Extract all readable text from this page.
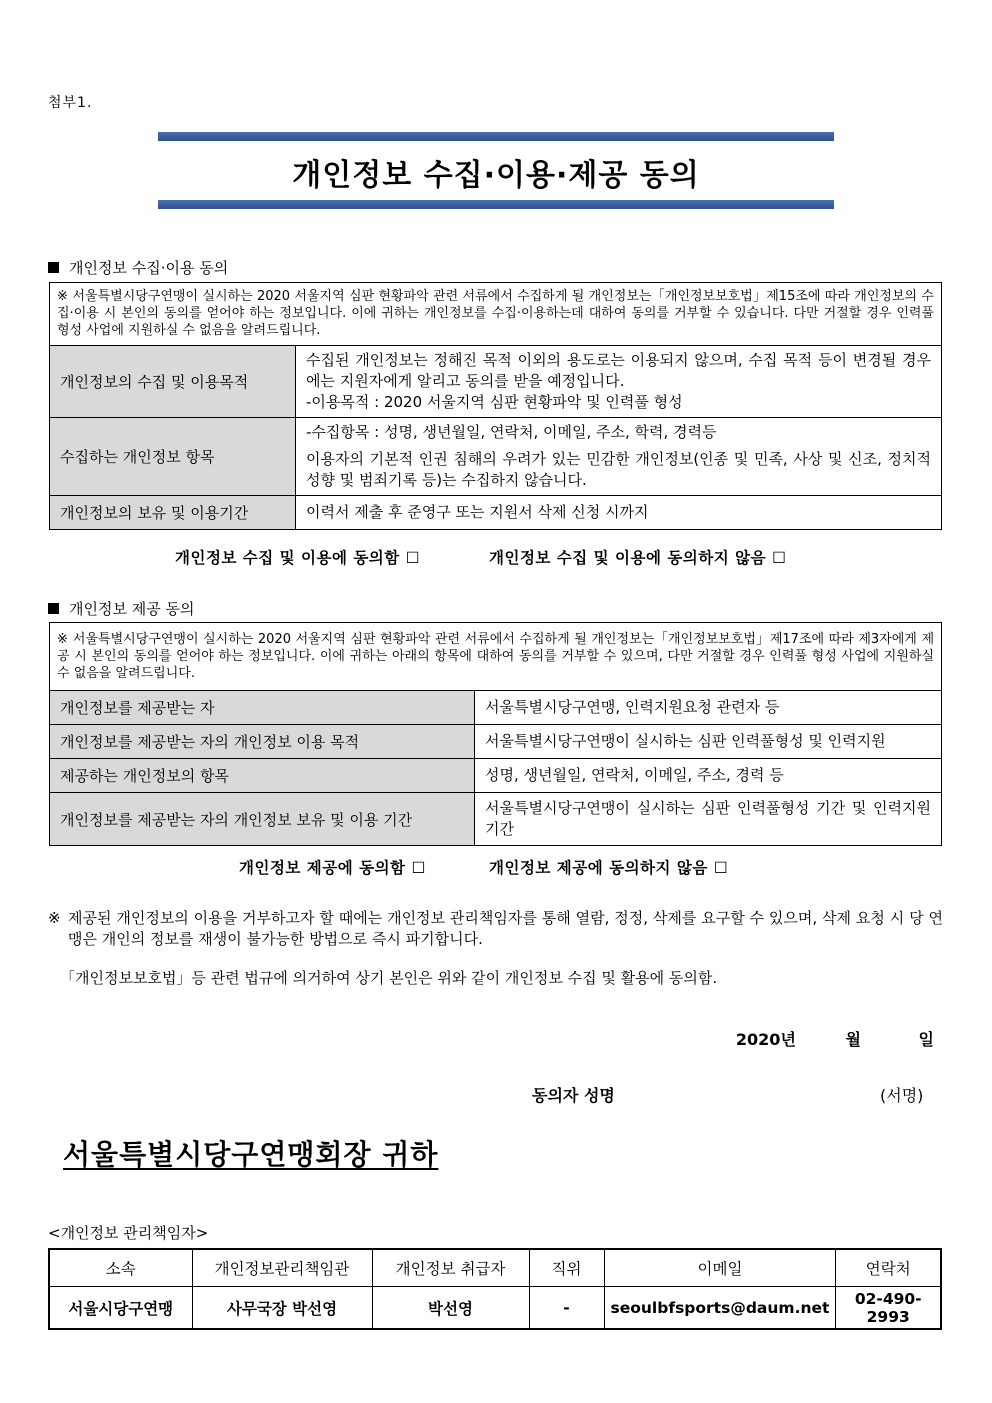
첨부1.
개인정보 수집·이용·제공 동의
개인정보 수집·이용 동의
※ 서울특별시당구연맹이 실시하는 2020 서울지역 심판 현황파악 관련 서류에서 수집하게 될 개인정보는「개인정보보호법」제15조에 따라 개인정보의 수집·이용 시 본인의 동의를 얻어야 하는 정보입니다. 이에 귀하는 개인정보를 수집·이용하는데 대하여 동의를 거부할 수 있습니다. 다만 거절할 경우 인력풀 형성 사업에 지원하실 수 없음을 알려드립니다.	
개인정보의 수집 및 이용목적	수집된 개인정보는 정해진 목적 이외의 용도로는 이용되지 않으며, 수집 목적 등이 변경될 경우에는 지원자에게 알리고 동의를 받을 예정입니다.
-이용목적 : 2020 서울지역 심판 현황파악 및 인력풀 형성

수집하는 개인정보 항목	-수집항목 : 성명, 생년월일, 연락처, 이메일, 주소, 학력, 경력등
이용자의 기본적 인권 침해의 우려가 있는 민감한 개인정보(인종 및 민족, 사상 및 신조, 정치적 성향 및 범죄기록 등)는 수집하지 않습니다.

개인정보의 보유 및 이용기간	이력서 제출 후 준영구 또는 지원서 삭제 신청 시까지
개인정보 수집 및 이용에 동의함 ☐	개인정보 수집 및 이용에 동의하지 않음 ☐
개인정보 제공 동의
※ 서울특별시당구연맹이 실시하는 2020 서울지역 심판 현황파악 관련 서류에서 수집하게 될 개인정보는「개인정보보호법」제17조에 따라 제3자에게 제공 시 본인의 동의를 얻어야 하는 정보입니다. 이에 귀하는 아래의 항목에 대하여 동의를 거부할 수 있으며, 다만 거절할 경우 인력풀 형성 사업에 지원하실 수 없음을 알려드립니다.	
개인정보를 제공받는 자	서울특별시당구연맹, 인력지원요청 관련자 등
개인정보를 제공받는 자의 개인정보 이용 목적	서울특별시당구연맹이 실시하는 심판 인력풀형성 및 인력지원
제공하는 개인정보의 항목	성명, 생년월일, 연락처, 이메일, 주소, 경력 등
개인정보를 제공받는 자의 개인정보 보유 및 이용 기간	서울특별시당구연맹이 실시하는 심판 인력풀형성 기간 및 인력지원 기간
개인정보 제공에 동의함 ☐	개인정보 제공에 동의하지 않음 ☐
※ 제공된 개인정보의 이용을 거부하고자 할 때에는 개인정보 관리책임자를 통해 열람, 정정, 삭제를 요구할 수 있으며, 삭제 요청 시 당 연맹은 개인의 정보를 재생이 불가능한 방법으로 즉시 파기합니다.
「개인정보보호법」등 관련 법규에 의거하여 상기 본인은 위와 같이 개인정보 수집 및 활용에 동의함.
2020년	월	일
동의자 성명	(서명)
서울특별시당구연맹회장 귀하
<개인정보 관리책임자>
소속	개인정보관리책임관	개인정보 취급자	직위	이메일	연락처
서울시당구연맹	사무국장 박선영	박선영	-	seoulbfsports@daum.net	02-490-2993
